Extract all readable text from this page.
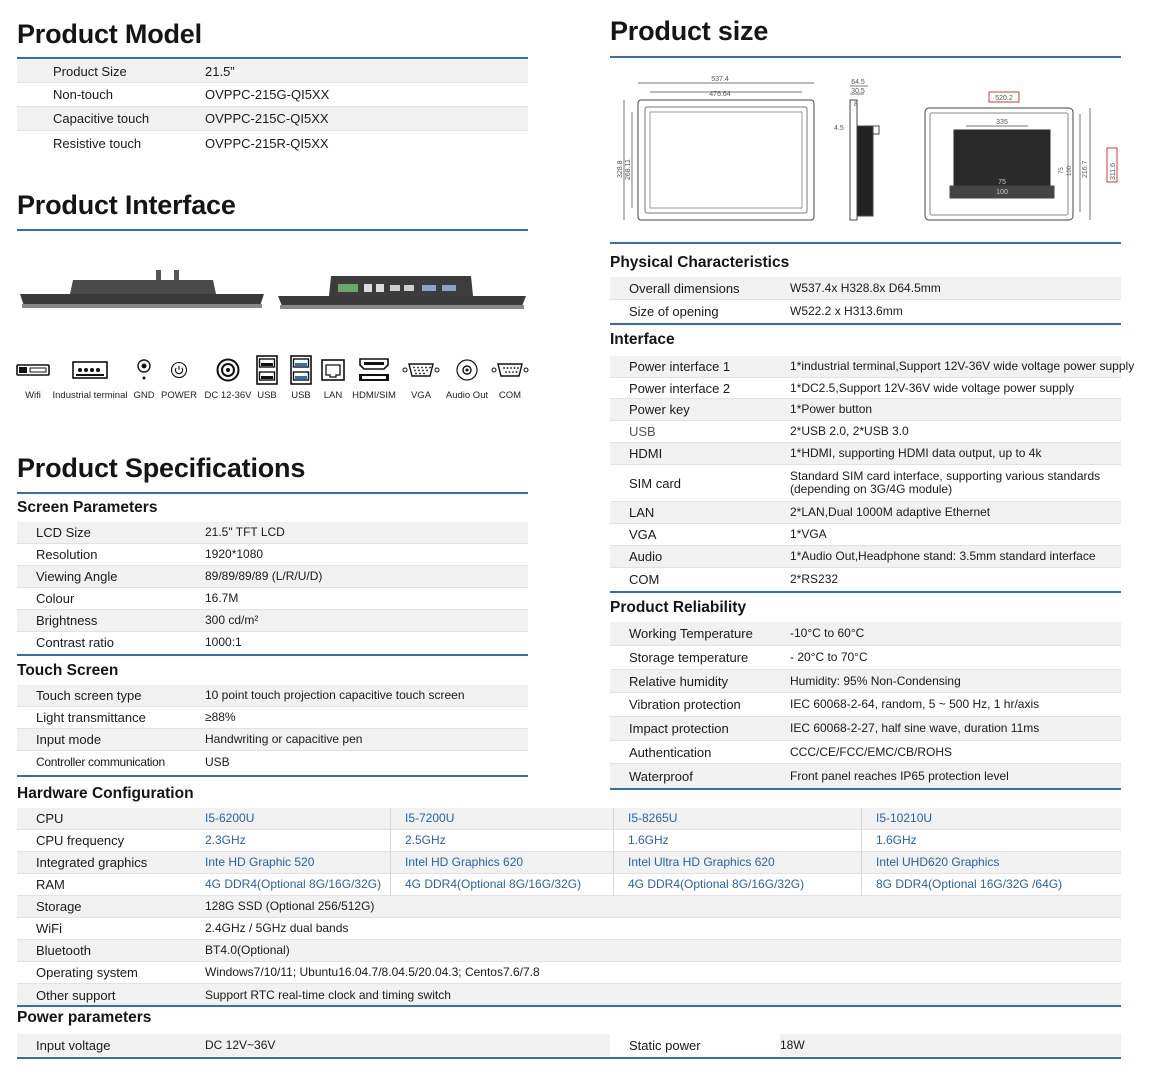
Product Model
Product Size	21.5”
Non-touch	OVPPC-215G-QI5XX
Capacitive touch	OVPPC-215C-QI5XX
Resistive touch	OVPPC-215R-QI5XX
Product Interface
Wifi	Industrial terminal GND POWER DC 12-36V USB	USB	LAN	HDMI/SIM	VGA	Audio Out	COM
Product Specifications
Screen Parameters
LCD Size	21.5" TFT LCD
Resolution	1920*1080
Viewing Angle	89/89/89/89 (L/R/U/D)
Colour	16.7M
Brightness	300 cd/m²
Contrast ratio	1000:1
Touch Screen
Touch screen type	10 point touch projection capacitive touch screen
Light transmittance	≥88%
Input mode	Handwriting or capacitive pen
Controller communication	USB
Product size
537.4
476.64
328.8 268.11
64.5
30.5
8
4.5
520.2
335
75
100
75 100 216.7	311.6
Physical Characteristics
Overall dimensions	W537.4x H328.8x D64.5mm
Size of opening	W522.2 x H313.6mm
Interface
Power interface 1	1*industrial terminal,Support 12V-36V wide voltage power supply
Power interface 2	1*DC2.5,Support 12V-36V wide voltage power supply
Power key	1*Power button
USB	2*USB 2.0, 2*USB 3.0
HDMI	1*HDMI, supporting HDMI data output, up to 4k
SIM card	Standard SIM card interface, supporting various standards (depending on 3G/4G module)
LAN	2*LAN,Dual 1000M adaptive Ethernet
VGA	1*VGA
Audio	1*Audio Out,Headphone stand: 3.5mm standard interface
COM	2*RS232
Product Reliability
Working Temperature	-10°C to 60°C
Storage temperature	- 20°C to 70°C
Relative humidity	Humidity: 95% Non-Condensing
Vibration protection	IEC 60068-2-64, random, 5 ~ 500 Hz, 1 hr/axis
Impact protection	IEC 60068-2-27, half sine wave, duration 11ms
Authentication	CCC/CE/FCC/EMC/CB/ROHS
Waterproof	Front panel reaches IP65 protection level
Hardware Configuration
CPU	I5-6200U	I5-7200U	I5-8265U	I5-10210U
CPU frequency	2.3GHz	2.5GHz	1.6GHz	1.6GHz
Integrated graphics	Inte HD Graphic 520	Intel HD Graphics 620	Intel Ultra HD Graphics 620	Intel UHD620 Graphics
RAM	4G DDR4(Optional 8G/16G/32G)	4G DDR4(Optional 8G/16G/32G)	4G DDR4(Optional 8G/16G/32G)	8G DDR4(Optional 16G/32G /64G)
Storage	128G SSD (Optional 256/512G)
WiFi	2.4GHz / 5GHz dual bands
Bluetooth	BT4.0(Optional)
Operating system	Windows7/10/11; Ubuntu16.04.7/8.04.5/20.04.3; Centos7.6/7.8
Other support	Support RTC real-time clock and timing switch
Power parameters
Input voltage	DC 12V~36V	Static power	18W
